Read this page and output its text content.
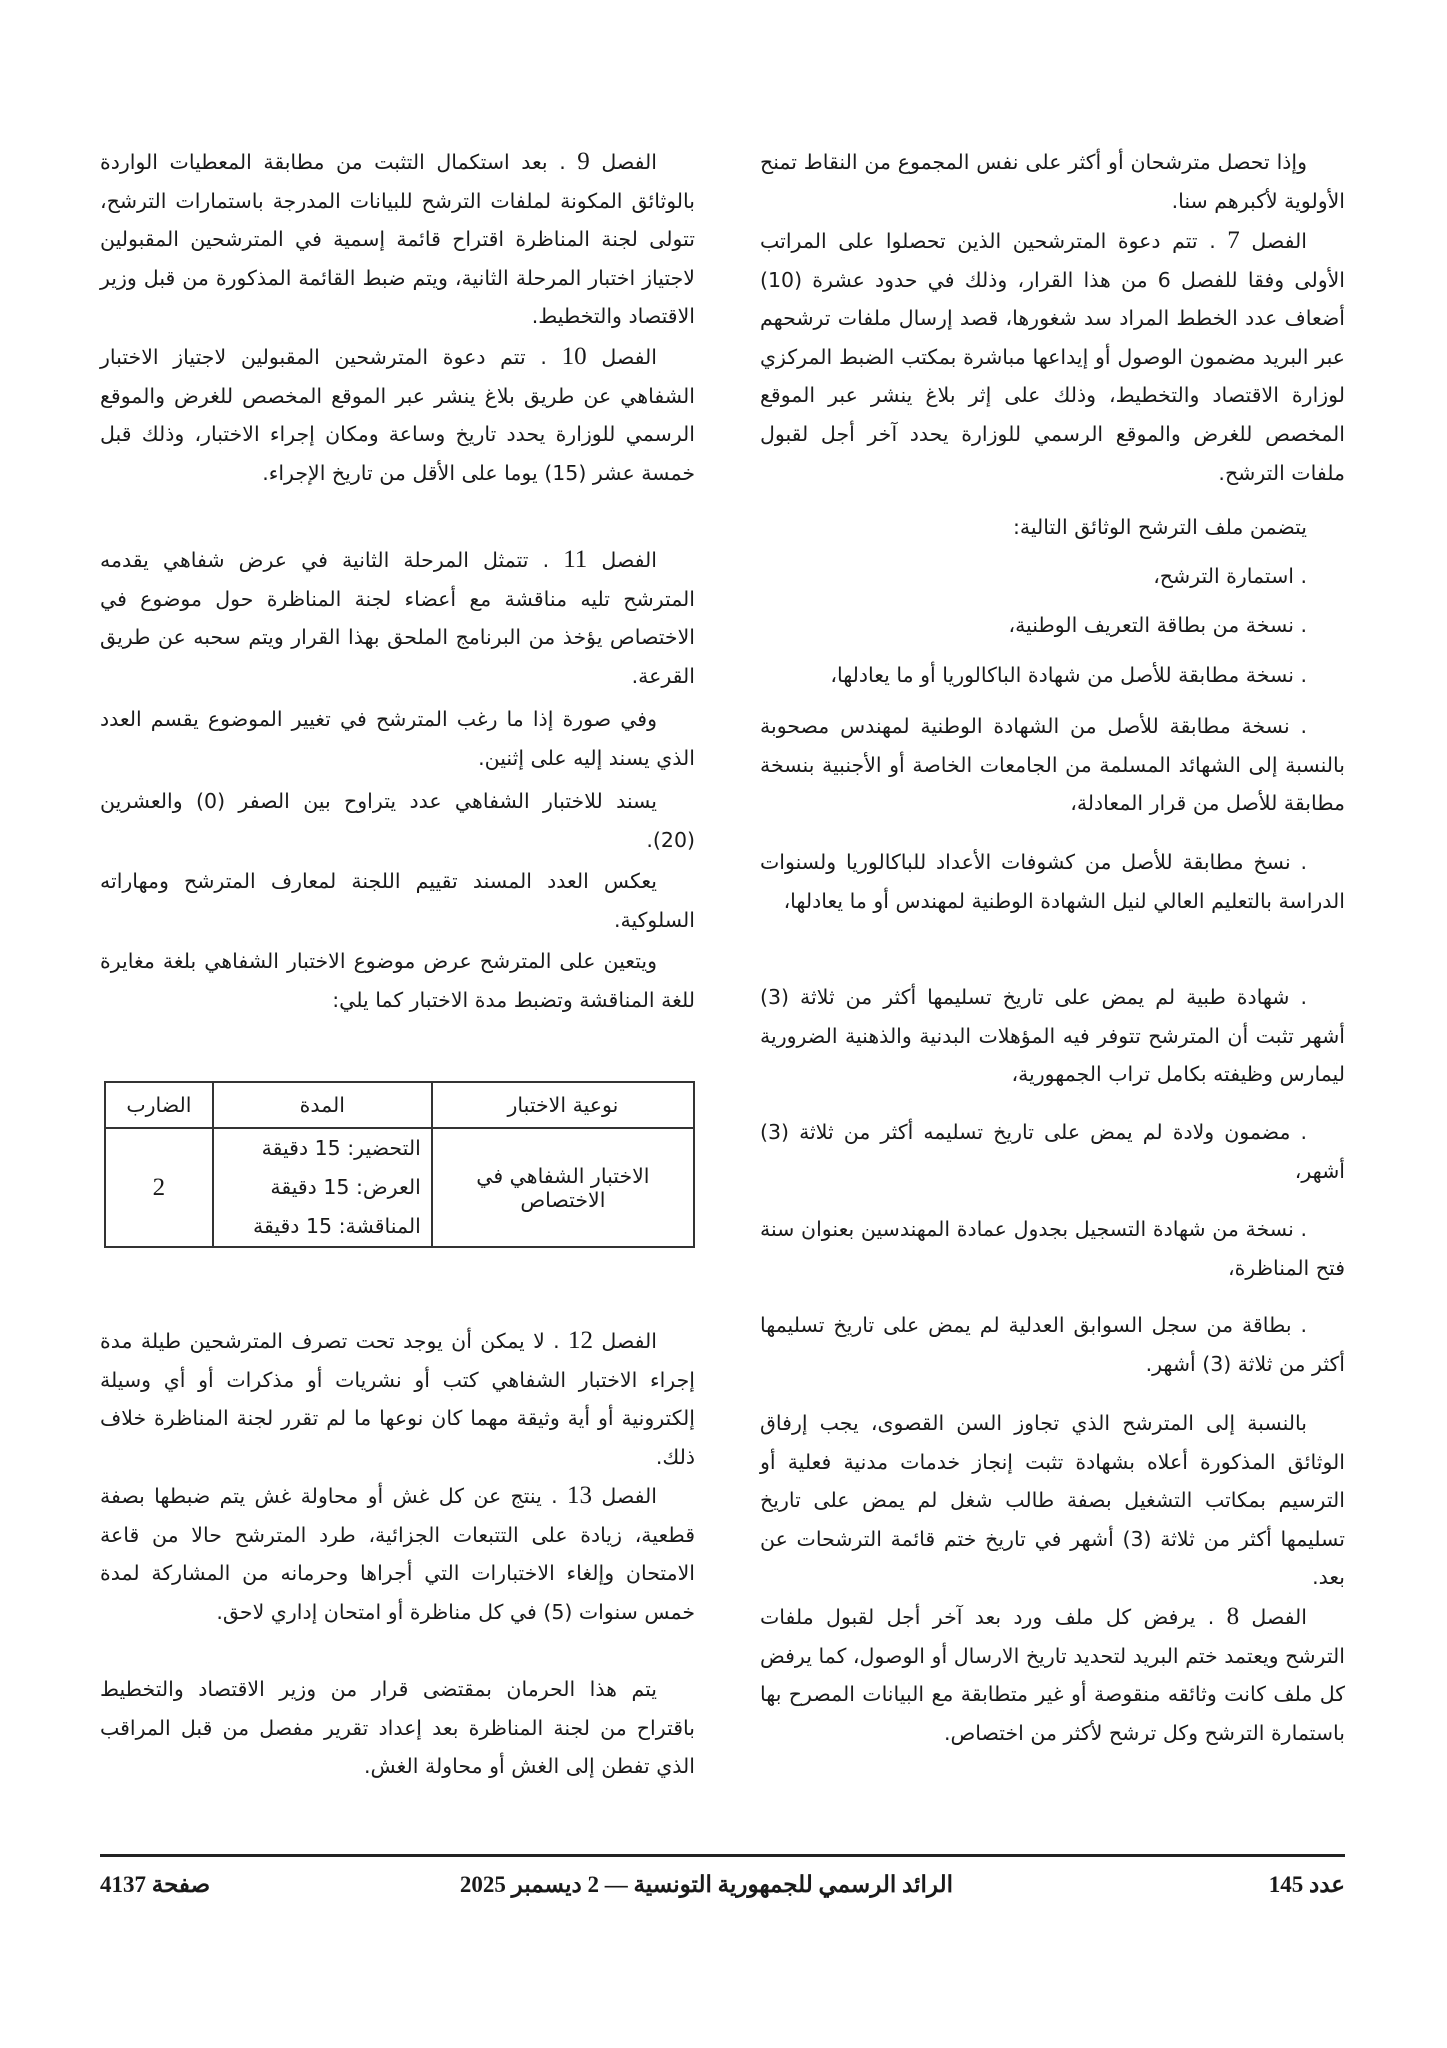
وإذا تحصل مترشحان أو أكثر على نفس المجموع من النقاط تمنح الأولوية لأكبرهم سنا.

الفصل 7 . تتم دعوة المترشحين الذين تحصلوا على المراتب الأولى وفقا للفصل 6 من هذا القرار، وذلك في حدود عشرة (10) أضعاف عدد الخطط المراد سد شغورها، قصد إرسال ملفات ترشحهم عبر البريد مضمون الوصول أو إيداعها مباشرة بمكتب الضبط المركزي لوزارة الاقتصاد والتخطيط، وذلك على إثر بلاغ ينشر عبر الموقع المخصص للغرض والموقع الرسمي للوزارة يحدد آخر أجل لقبول ملفات الترشح.

يتضمن ملف الترشح الوثائق التالية:

. استمارة الترشح،

. نسخة من بطاقة التعريف الوطنية،

. نسخة مطابقة للأصل من شهادة الباكالوريا أو ما يعادلها،

. نسخة مطابقة للأصل من الشهادة الوطنية لمهندس مصحوبة بالنسبة إلى الشهائد المسلمة من الجامعات الخاصة أو الأجنبية بنسخة مطابقة للأصل من قرار المعادلة،

. نسخ مطابقة للأصل من كشوفات الأعداد للباكالوريا ولسنوات الدراسة بالتعليم العالي لنيل الشهادة الوطنية لمهندس أو ما يعادلها،

. شهادة طبية لم يمض على تاريخ تسليمها أكثر من ثلاثة (3) أشهر تثبت أن المترشح تتوفر فيه المؤهلات البدنية والذهنية الضرورية ليمارس وظيفته بكامل تراب الجمهورية،

. مضمون ولادة لم يمض على تاريخ تسليمه أكثر من ثلاثة (3) أشهر،

. نسخة من شهادة التسجيل بجدول عمادة المهندسين بعنوان سنة فتح المناظرة،

. بطاقة من سجل السوابق العدلية لم يمض على تاريخ تسليمها أكثر من ثلاثة (3) أشهر.

بالنسبة إلى المترشح الذي تجاوز السن القصوى، يجب إرفاق الوثائق المذكورة أعلاه بشهادة تثبت إنجاز خدمات مدنية فعلية أو الترسيم بمكاتب التشغيل بصفة طالب شغل لم يمض على تاريخ تسليمها أكثر من ثلاثة (3) أشهر في تاريخ ختم قائمة الترشحات عن بعد.

الفصل 8 . يرفض كل ملف ورد بعد آخر أجل لقبول ملفات الترشح ويعتمد ختم البريد لتحديد تاريخ الارسال أو الوصول، كما يرفض كل ملف كانت وثائقه منقوصة أو غير متطابقة مع البيانات المصرح بها باستمارة الترشح وكل ترشح لأكثر من اختصاص.

الفصل 9 . بعد استكمال التثبت من مطابقة المعطيات الواردة بالوثائق المكونة لملفات الترشح للبيانات المدرجة باستمارات الترشح، تتولى لجنة المناظرة اقتراح قائمة إسمية في المترشحين المقبولين لاجتياز اختبار المرحلة الثانية، ويتم ضبط القائمة المذكورة من قبل وزير الاقتصاد والتخطيط.

الفصل 10 . تتم دعوة المترشحين المقبولين لاجتياز الاختبار الشفاهي عن طريق بلاغ ينشر عبر الموقع المخصص للغرض والموقع الرسمي للوزارة يحدد تاريخ وساعة ومكان إجراء الاختبار، وذلك قبل خمسة عشر (15) يوما على الأقل من تاريخ الإجراء.

الفصل 11 . تتمثل المرحلة الثانية في عرض شفاهي يقدمه المترشح تليه مناقشة مع أعضاء لجنة المناظرة حول موضوع في الاختصاص يؤخذ من البرنامج الملحق بهذا القرار ويتم سحبه عن طريق القرعة.

وفي صورة إذا ما رغب المترشح في تغيير الموضوع يقسم العدد الذي يسند إليه على إثنين.

يسند للاختبار الشفاهي عدد يتراوح بين الصفر (0) والعشرين (20).

يعكس العدد المسند تقييم اللجنة لمعارف المترشح ومهاراته السلوكية.

ويتعين على المترشح عرض موضوع الاختبار الشفاهي بلغة مغايرة للغة المناقشة وتضبط مدة الاختبار كما يلي:

نوعية الاختبار	المدة	الضارب
الاختبار الشفاهي في الاختصاص	التحضير: 15 دقيقة
العرض: 15 دقيقة
المناقشة: 15 دقيقة	2

الفصل 12 . لا يمكن أن يوجد تحت تصرف المترشحين طيلة مدة إجراء الاختبار الشفاهي كتب أو نشريات أو مذكرات أو أي وسيلة إلكترونية أو أية وثيقة مهما كان نوعها ما لم تقرر لجنة المناظرة خلاف ذلك.

الفصل 13 . ينتج عن كل غش أو محاولة غش يتم ضبطها بصفة قطعية، زيادة على التتبعات الجزائية، طرد المترشح حالا من قاعة الامتحان وإلغاء الاختبارات التي أجراها وحرمانه من المشاركة لمدة خمس سنوات (5) في كل مناظرة أو امتحان إداري لاحق.

يتم هذا الحرمان بمقتضى قرار من وزير الاقتصاد والتخطيط باقتراح من لجنة المناظرة بعد إعداد تقرير مفصل من قبل المراقب الذي تفطن إلى الغش أو محاولة الغش.

عدد 145
الرائد الرسمي للجمهورية التونسية — 2 ديسمبر 2025
صفحة 4137
